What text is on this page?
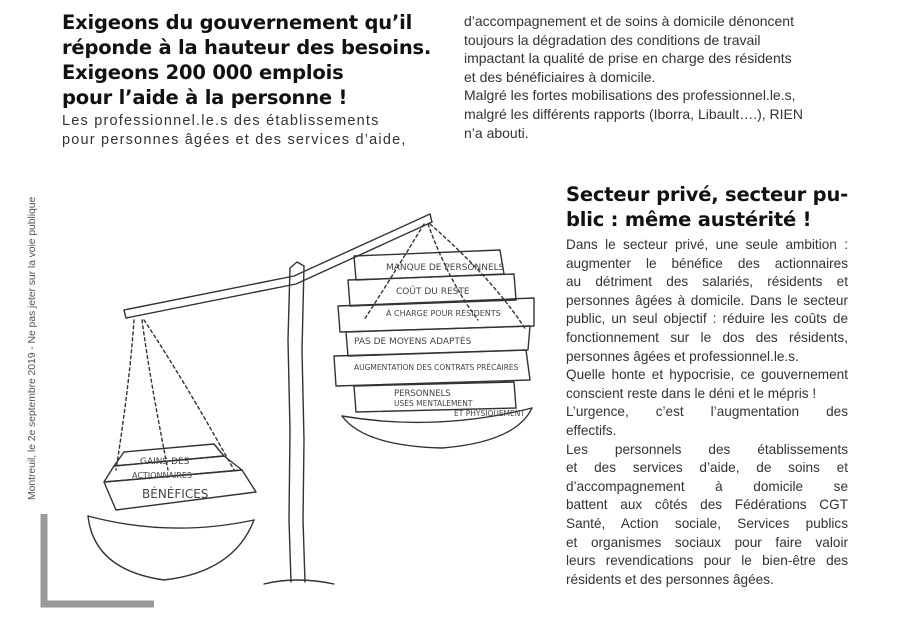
Exigeons du gouvernement qu’il
réponde à la hauteur des besoins.
Exigeons 200 000 emplois
pour l’aide à la personne !

Les professionnel.le.s des établissements
pour personnes âgées et des services d’aide,

d’accompagnement et de soins à domicile dénoncent
toujours la dégradation des conditions de travail
impactant la qualité de prise en charge des résidents
et des bénéficiaires à domicile.
Malgré les fortes mobilisations des professionnel.le.s,
malgré les différents rapports (Iborra, Libault….), RIEN
n’a abouti.

Secteur privé, secteur pu-
blic : même austérité !

Dans le secteur privé, une seule ambition :
augmenter le bénéfice des actionnaires
au détriment des salariés, résidents et
personnes âgées à domicile. Dans le secteur
public, un seul objectif : réduire les coûts de
fonctionnement sur le dos des résidents,
personnes âgées et professionnel.le.s.
Quelle honte et hypocrisie, ce gouvernement
conscient reste dans le déni et le mépris !
L’urgence, c’est l’augmentation des
effectifs.
Les personnels des établissements
et des services d’aide, de soins et
d’accompagnement à domicile se
battent aux côtés des Fédérations CGT
Santé, Action sociale, Services publics
et organismes sociaux pour faire valoir
leurs revendications pour le bien-être des
résidents et des personnes âgées.

Montreuil, le 2e septembre 2019 - Ne pas jeter sur la voie publique	MANQUE DE PERSONNELS
COÛT DU RESTE
À CHARGE POUR RÉSIDENTS
PAS DE MOYENS ADAPTÉS
AUGMENTATION DES CONTRATS PRÉCAIRES
PERSONNELS
USÉS MENTALEMENT
ET PHYSIQUEMENT
GAINS DES
ACTIONNAIRES
BÉNÉFICES
